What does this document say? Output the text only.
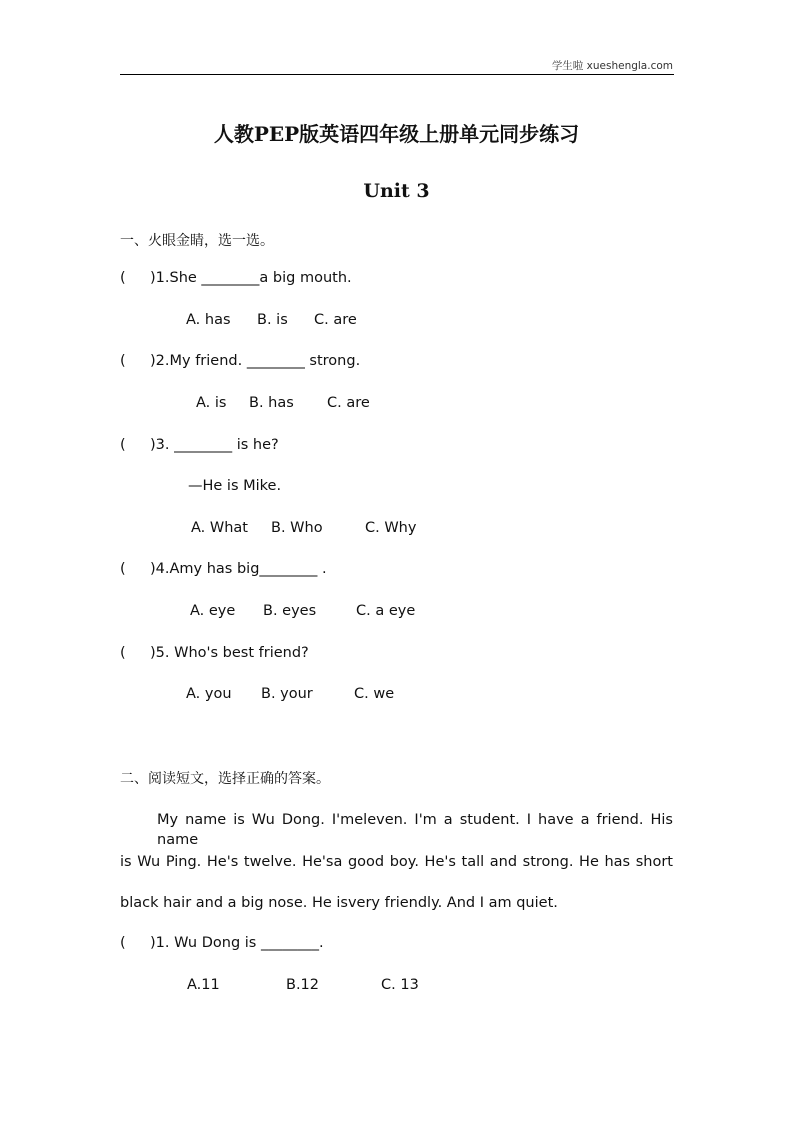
学生啦 xueshengla.com
人教PEP版英语四年级上册单元同步练习
Unit 3
一、火眼金睛，选一选。
( )1.She ________a big mouth.
A. has B. is C. are
( )2.My friend. ________ strong.
A. is B. has C. are
( )3. ________ is he?
—He is Mike.
A. What B. Who	C. Why
( )4.Amy has big________ .
A. eye B. eyes	C. a eye
( )5. Who's best friend?
A. you B. your	C. we
二、阅读短文，选择正确的答案。
My name is Wu Dong. I'meleven. I'm a student. I have a friend. His name
is Wu Ping. He's twelve. He'sa good boy. He's tall and strong. He has short
black hair and a big nose. He isvery friendly. And I am quiet.
( )1. Wu Dong is ________.
A.11	B.12	C. 13
